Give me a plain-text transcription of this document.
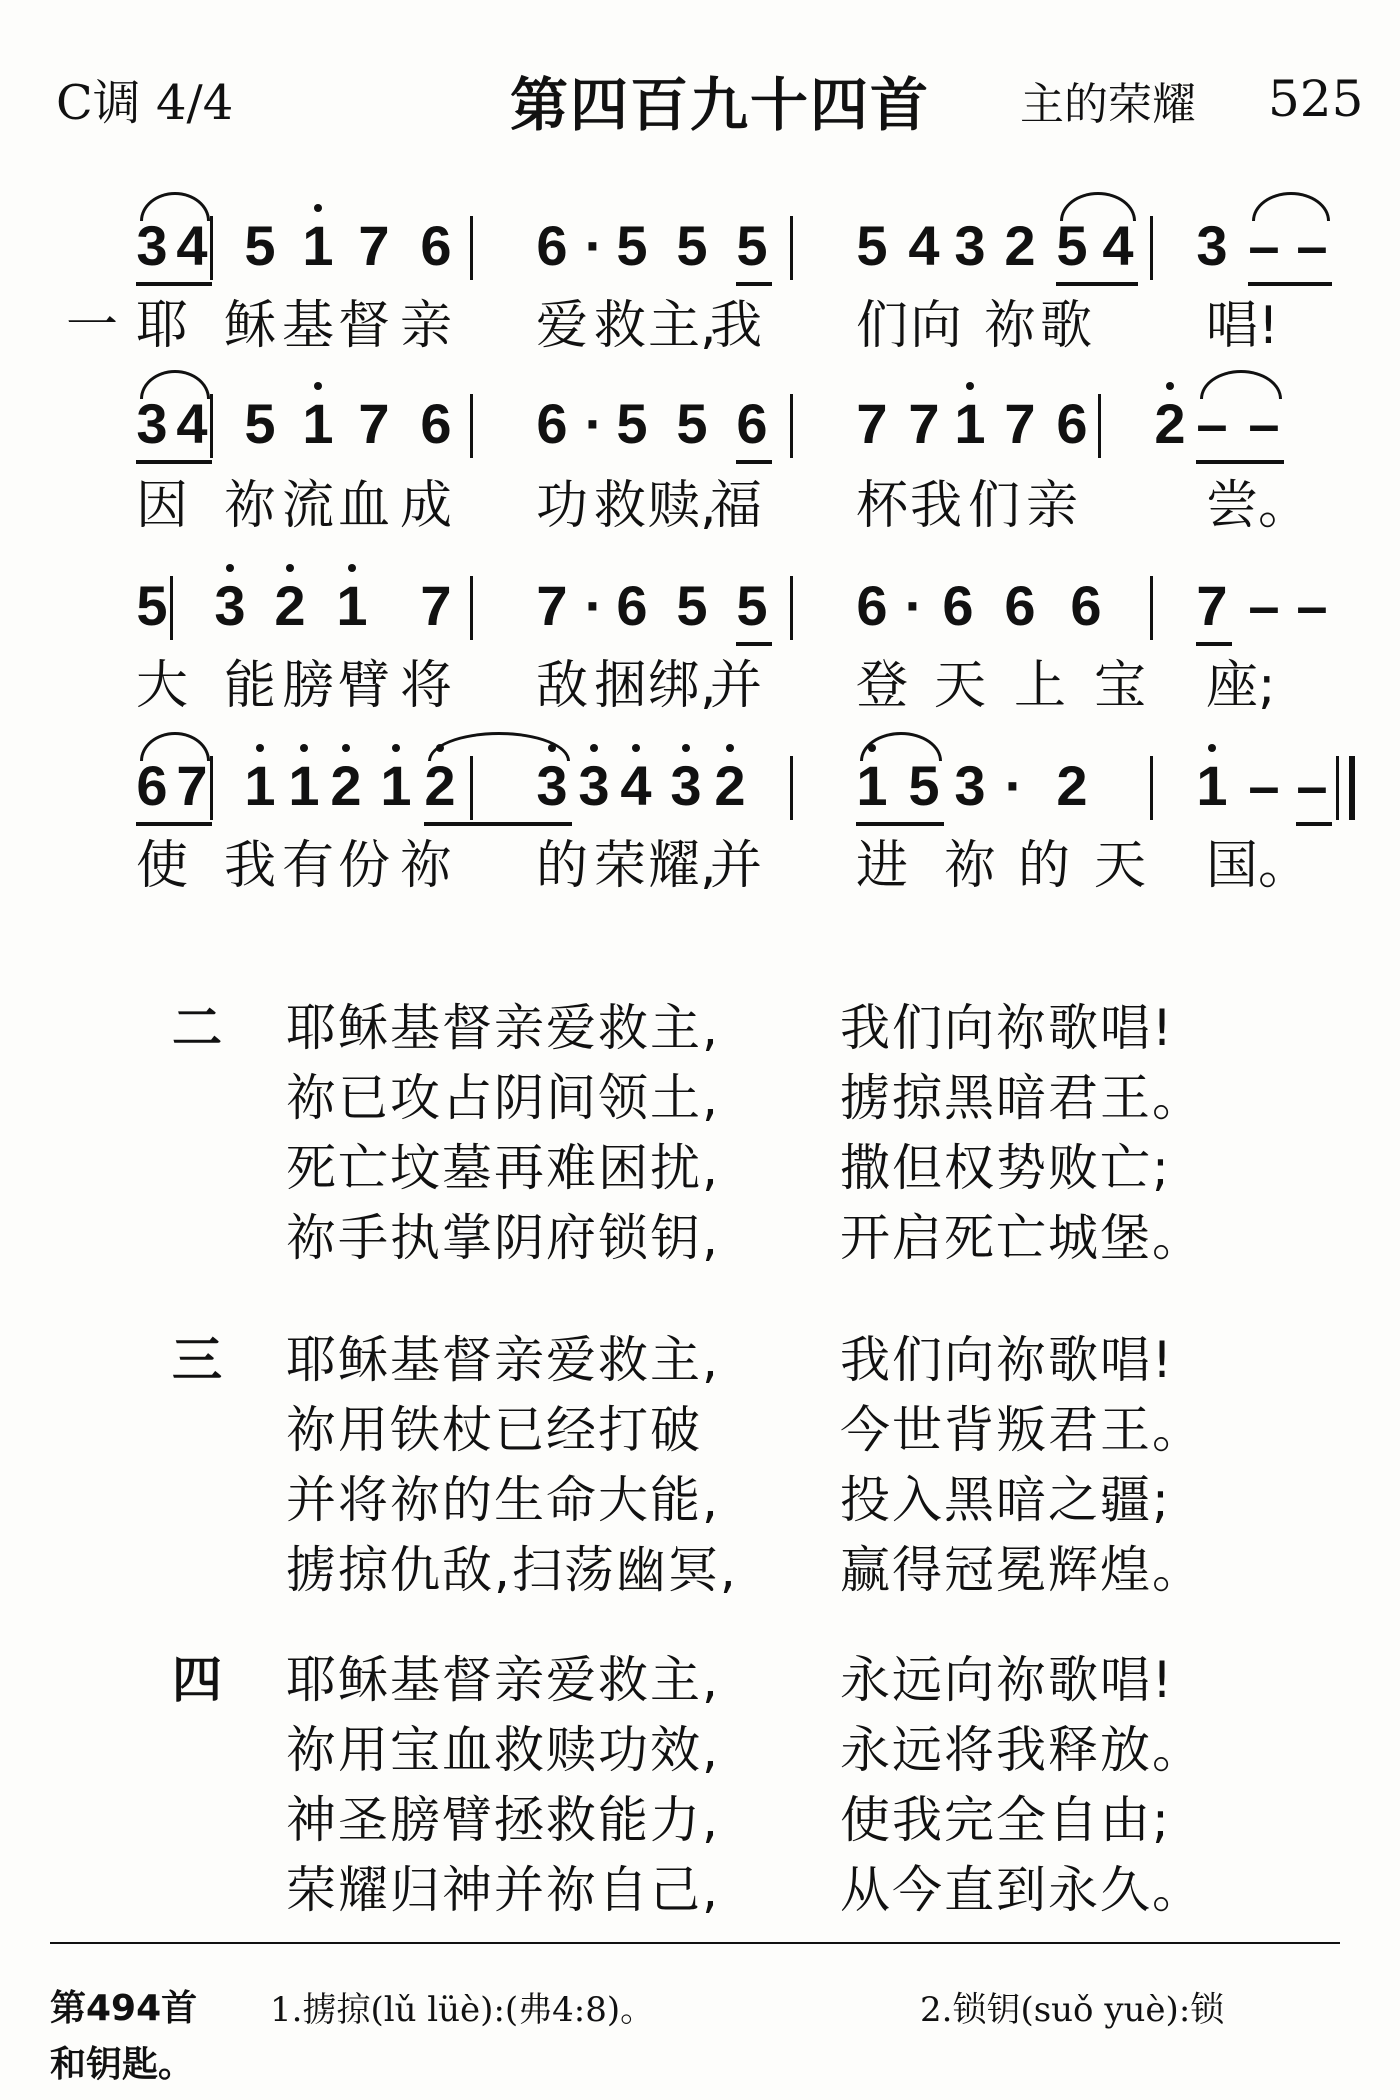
C调 4/4	第四百九十四首 主的荣耀 525
3 4 5 1 7 6 6 · 5 5 5 5 4 3 2 5 4 3 – –
一 耶 稣 基 督 亲 爱 救 主,
我 们 向 祢 歌 唱!
3 4 5 1 7 6 6 · 5 5 6 7 7 1 7 6 2 – –
因 祢 流 血 成 功 救 赎,
福 杯 我 们 亲 尝。
5 3 2 1 7 7 · 6 5 5 6 · 6 6 6 7 – –
大 能 膀 臂 将 敌 捆 绑,
并 登 天 上 宝 座;
6 7 1 1 2 1 2 3 3 4 3 2 1 5 3 · 2 1 – –
使 我 有 份 祢 的 荣 耀,
并 进 祢 的 天 国。
二 耶稣基督亲爱救主, 我们向祢歌唱!
祢已攻占阴间领土, 掳掠黑暗君王。
死亡坟墓再难困扰, 撒但权势败亡;
祢手执掌阴府锁钥, 开启死亡城堡。
三 耶稣基督亲爱救主, 我们向祢歌唱!
祢用铁杖已经打破	今世背叛君王。
并将祢的生命大能, 投入黑暗之疆;
掳掠仇敌,扫荡幽冥, 赢得冠冕辉煌。
四 耶稣基督亲爱救主, 永远向祢歌唱!
祢用宝血救赎功效, 永远将我释放。
神圣膀臂拯救能力, 使我完全自由;
荣耀归神并祢自己, 从今直到永久。
第494首 1.掳掠(lǔ lüè):(弗4:8)。	2.锁钥(suǒ yuè):锁
和钥匙。
